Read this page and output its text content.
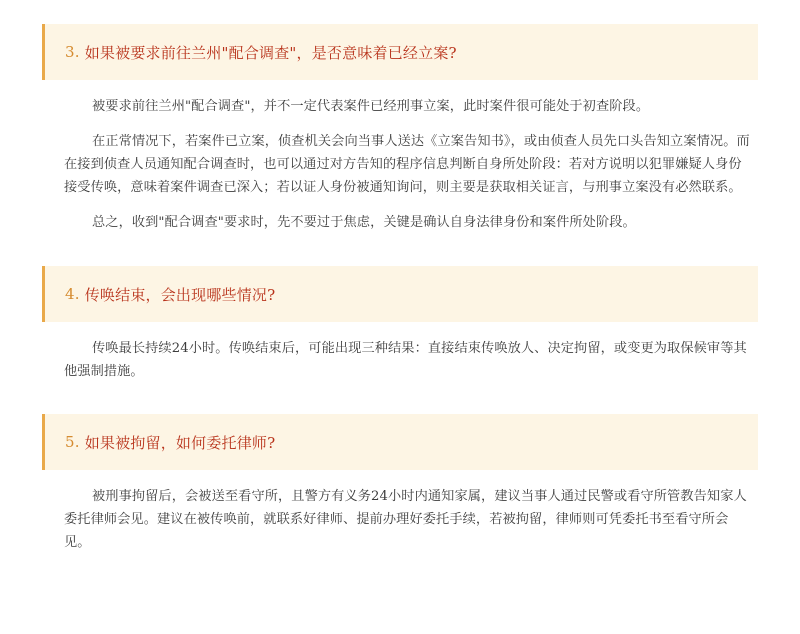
3. 如果被要求前往兰州"配合调查"，是否意味着已经立案?

被要求前往兰州"配合调查"，并不一定代表案件已经刑事立案，此时案件很可能处于初查阶段。

在正常情况下，若案件已立案，侦查机关会向当事人送达《立案告知书》，或由侦查人员先口头告知立案情况。而在接到侦查人员通知配合调查时，也可以通过对方告知的程序信息判断自身所处阶段：若对方说明以犯罪嫌疑人身份接受传唤，意味着案件调查已深入；若以证人身份被通知询问，则主要是获取相关证言，与刑事立案没有必然联系。

总之，收到"配合调查"要求时，先不要过于焦虑，关键是确认自身法律身份和案件所处阶段。

4. 传唤结束，会出现哪些情况?

传唤最长持续24小时。传唤结束后，可能出现三种结果：直接结束传唤放人、决定拘留，或变更为取保候审等其他强制措施。

5. 如果被拘留，如何委托律师?

被刑事拘留后，会被送至看守所，且警方有义务24小时内通知家属，建议当事人通过民警或看守所管教告知家人委托律师会见。建议在被传唤前，就联系好律师、提前办理好委托手续，若被拘留，律师则可凭委托书至看守所会见。
